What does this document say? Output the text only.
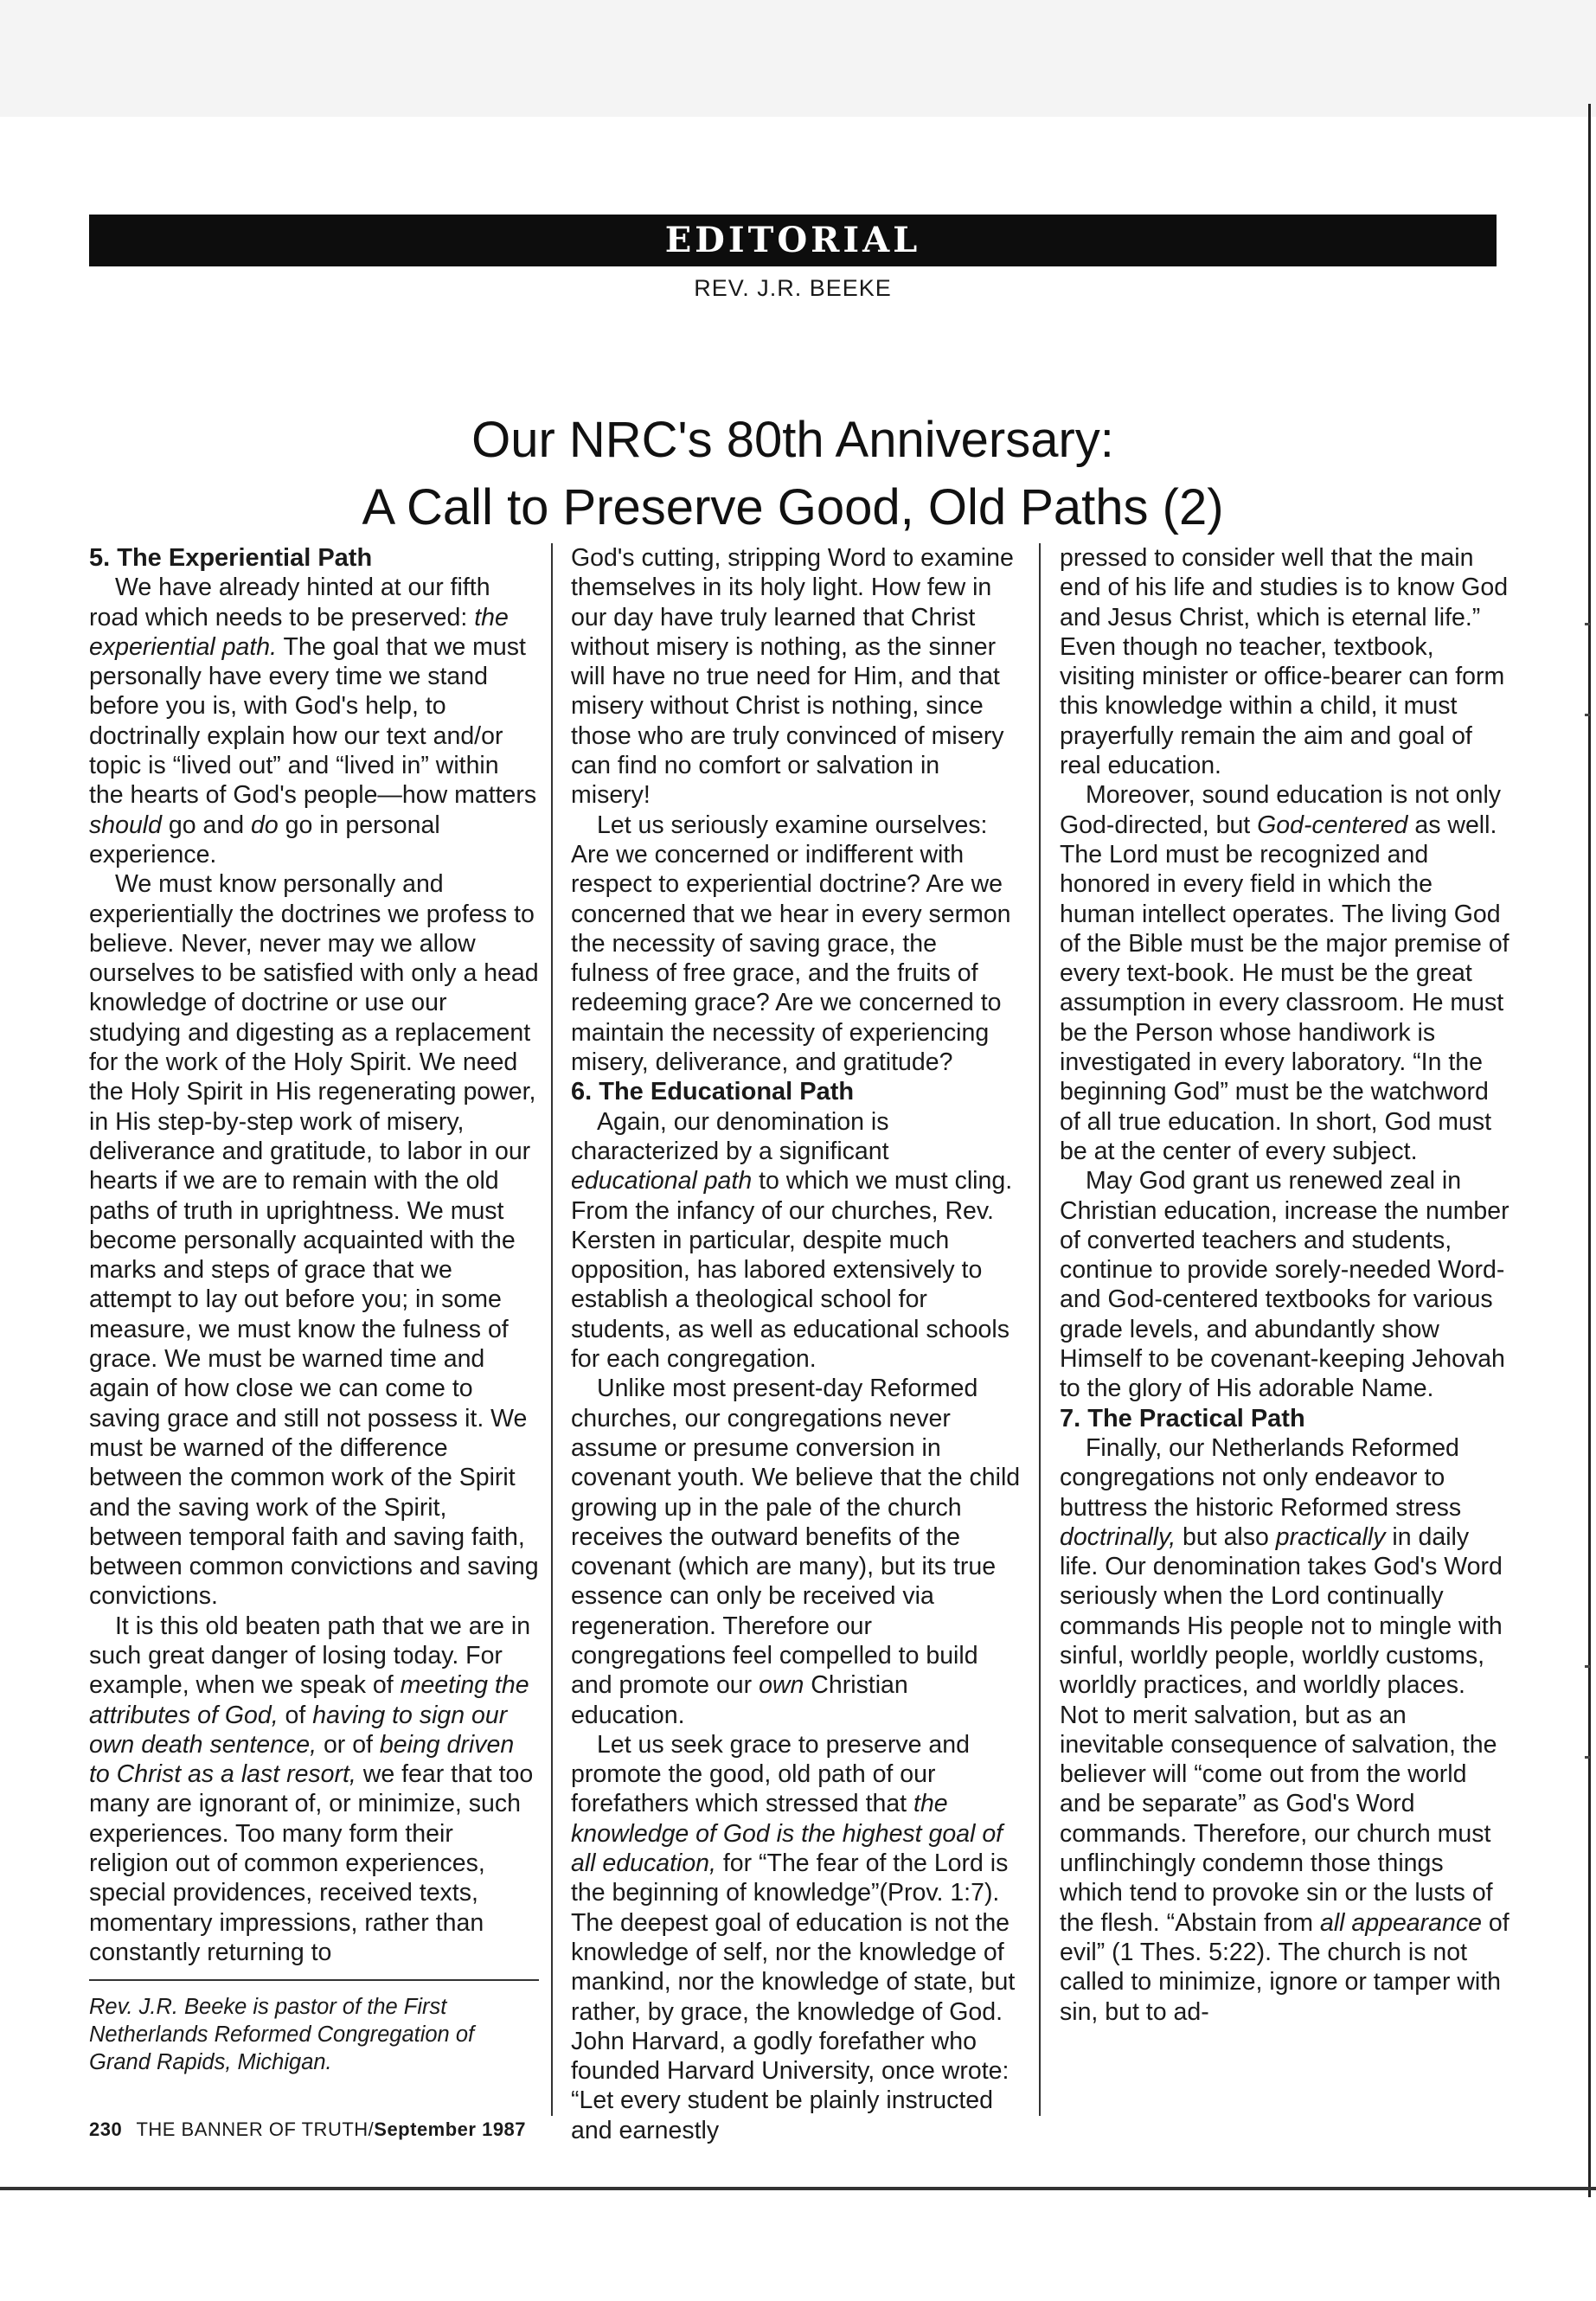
EDITORIAL
REV. J.R. BEEKE
Our NRC's 80th Anniversary:
A Call to Preserve Good, Old Paths (2)
5. The Experiential Path

We have already hinted at our fifth road which needs to be preserved: the experiential path. The goal that we must personally have every time we stand before you is, with God's help, to doctrinally explain how our text and/or topic is “lived out” and “lived in” within the hearts of God's people—how matters should go and do go in personal experience.

We must know personally and experientially the doctrines we profess to believe. Never, never may we allow ourselves to be satisfied with only a head knowledge of doctrine or use our studying and digesting as a replacement for the work of the Holy Spirit. We need the Holy Spirit in His regenerating power, in His step-by-step work of misery, deliverance and gratitude, to labor in our hearts if we are to remain with the old paths of truth in uprightness. We must become personally acquainted with the marks and steps of grace that we attempt to lay out before you; in some measure, we must know the fulness of grace. We must be warned time and again of how close we can come to saving grace and still not possess it. We must be warned of the difference between the common work of the Spirit and the saving work of the Spirit, between temporal faith and saving faith, between common convictions and saving convictions.

It is this old beaten path that we are in such great danger of losing today. For example, when we speak of meeting the attributes of God, of having to sign our own death sentence, or of being driven to Christ as a last resort, we fear that too many are ignorant of, or minimize, such experiences. Too many form their religion out of common experiences, special providences, received texts, momentary impressions, rather than constantly returning to

Rev. J.R. Beeke is pastor of the First Netherlands Reformed Congregation of Grand Rapids, Michigan.

God's cutting, stripping Word to examine themselves in its holy light. How few in our day have truly learned that Christ without misery is nothing, as the sinner will have no true need for Him, and that misery without Christ is nothing, since those who are truly convinced of misery can find no comfort or salvation in misery!

Let us seriously examine ourselves: Are we concerned or indifferent with respect to experiential doctrine? Are we concerned that we hear in every sermon the necessity of saving grace, the fulness of free grace, and the fruits of redeeming grace? Are we concerned to maintain the necessity of experiencing misery, deliverance, and gratitude?

6. The Educational Path

Again, our denomination is characterized by a significant educational path to which we must cling. From the infancy of our churches, Rev. Kersten in particular, despite much opposition, has labored extensively to establish a theological school for students, as well as educational schools for each congregation.

Unlike most present-day Reformed churches, our congregations never assume or presume conversion in covenant youth. We believe that the child growing up in the pale of the church receives the outward benefits of the covenant (which are many), but its true essence can only be received via regeneration. Therefore our congregations feel compelled to build and promote our own Christian education.

Let us seek grace to preserve and promote the good, old path of our forefathers which stressed that the knowledge of God is the highest goal of all education, for “The fear of the Lord is the beginning of knowledge”(Prov. 1:7). The deepest goal of education is not the knowledge of self, nor the knowledge of mankind, nor the knowledge of state, but rather, by grace, the knowledge of God. John Harvard, a godly forefather who founded Harvard University, once wrote: “Let every student be plainly instructed and earnestly

pressed to consider well that the main end of his life and studies is to know God and Jesus Christ, which is eternal life.” Even though no teacher, textbook, visiting minister or office-bearer can form this knowledge within a child, it must prayerfully remain the aim and goal of real education.

Moreover, sound education is not only God-directed, but God-centered as well. The Lord must be recognized and honored in every field in which the human intellect operates. The living God of the Bible must be the major premise of every text-book. He must be the great assumption in every classroom. He must be the Person whose handiwork is investigated in every laboratory. “In the beginning God” must be the watchword of all true education. In short, God must be at the center of every subject.

May God grant us renewed zeal in Christian education, increase the number of converted teachers and students, continue to provide sorely-needed Word- and God-centered textbooks for various grade levels, and abundantly show Himself to be covenant-keeping Jehovah to the glory of His adorable Name.

7. The Practical Path

Finally, our Netherlands Reformed congregations not only endeavor to buttress the historic Reformed stress doctrinally, but also practically in daily life. Our denomination takes God's Word seriously when the Lord continually commands His people not to mingle with sinful, worldly people, worldly customs, worldly practices, and worldly places. Not to merit salvation, but as an inevitable consequence of salvation, the believer will “come out from the world and be separate” as God's Word commands. Therefore, our church must unflinchingly condemn those things which tend to provoke sin or the lusts of the flesh. “Abstain from all appearance of evil” (1 Thes. 5:22). The church is not called to minimize, ignore or tamper with sin, but to ad-

230 THE BANNER OF TRUTH/September 1987
